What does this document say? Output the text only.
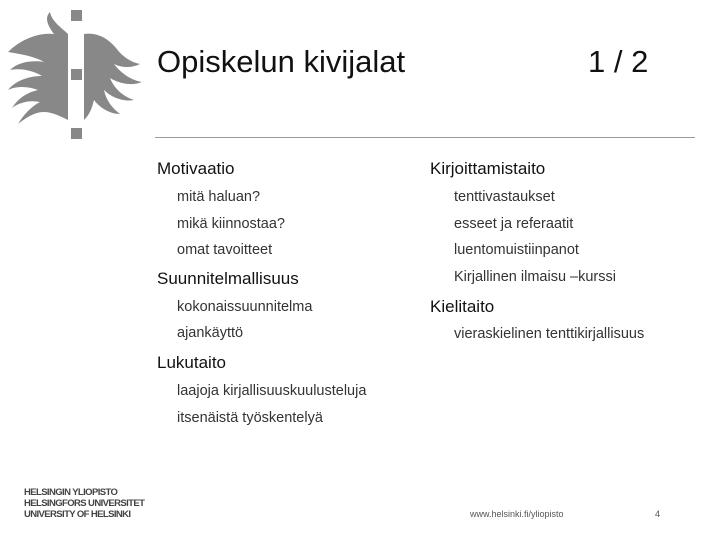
Opiskelun kivijalat	1 / 2
Motivaatio
mitä haluan?
mikä kiinnostaa?
omat tavoitteet
Suunnitelmallisuus
kokonaissuunnitelma
ajankäyttö
Lukutaito
laajoja kirjallisuuskuulusteluja
itsenäistä työskentelyä
Kirjoittamistaito
tenttivastaukset
esseet ja referaatit
luentomuistiinpanot
Kirjallinen ilmaisu –kurssi
Kielitaito
vieraskielinen tenttikirjallisuus
HELSINGIN YLIOPISTO
HELSINGFORS UNIVERSITET
UNIVERSITY OF HELSINKI	www.helsinki.fi/yliopisto	4
